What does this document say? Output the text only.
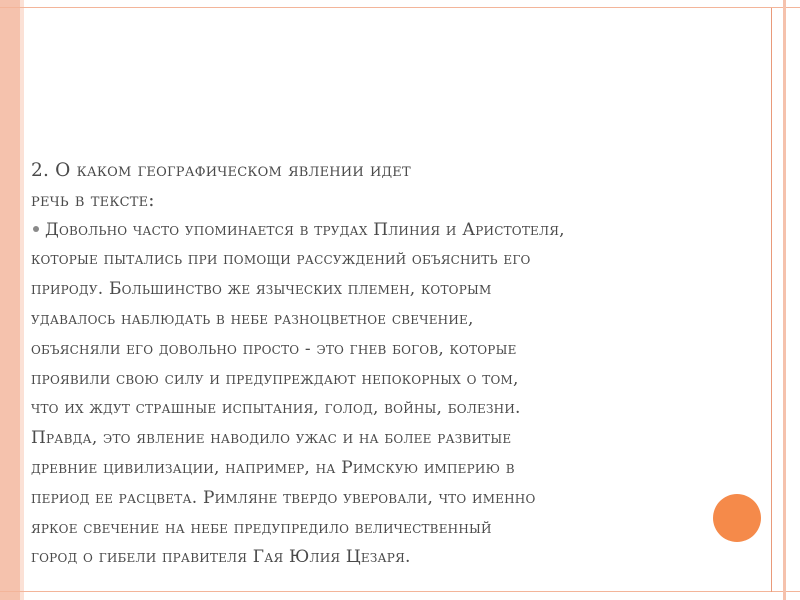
2. О каком географическом явлении идет
речь в тексте:
Довольно часто упоминается в трудах Плиния и Аристотеля,
которые пытались при помощи рассуждений объяснить его
природу. Большинство же языческих племен, которым
удавалось наблюдать в небе разноцветное свечение,
объясняли его довольно просто - это гнев богов, которые
проявили свою силу и предупреждают непокорных о том,
что их ждут страшные испытания, голод, войны, болезни.
Правда, это явление наводило ужас и на более развитые
древние цивилизации, например, на Римскую империю в
период ее расцвета. Римляне твердо уверовали, что именно
яркое свечение на небе предупредило величественный
город о гибели правителя Гая Юлия Цезаря.
